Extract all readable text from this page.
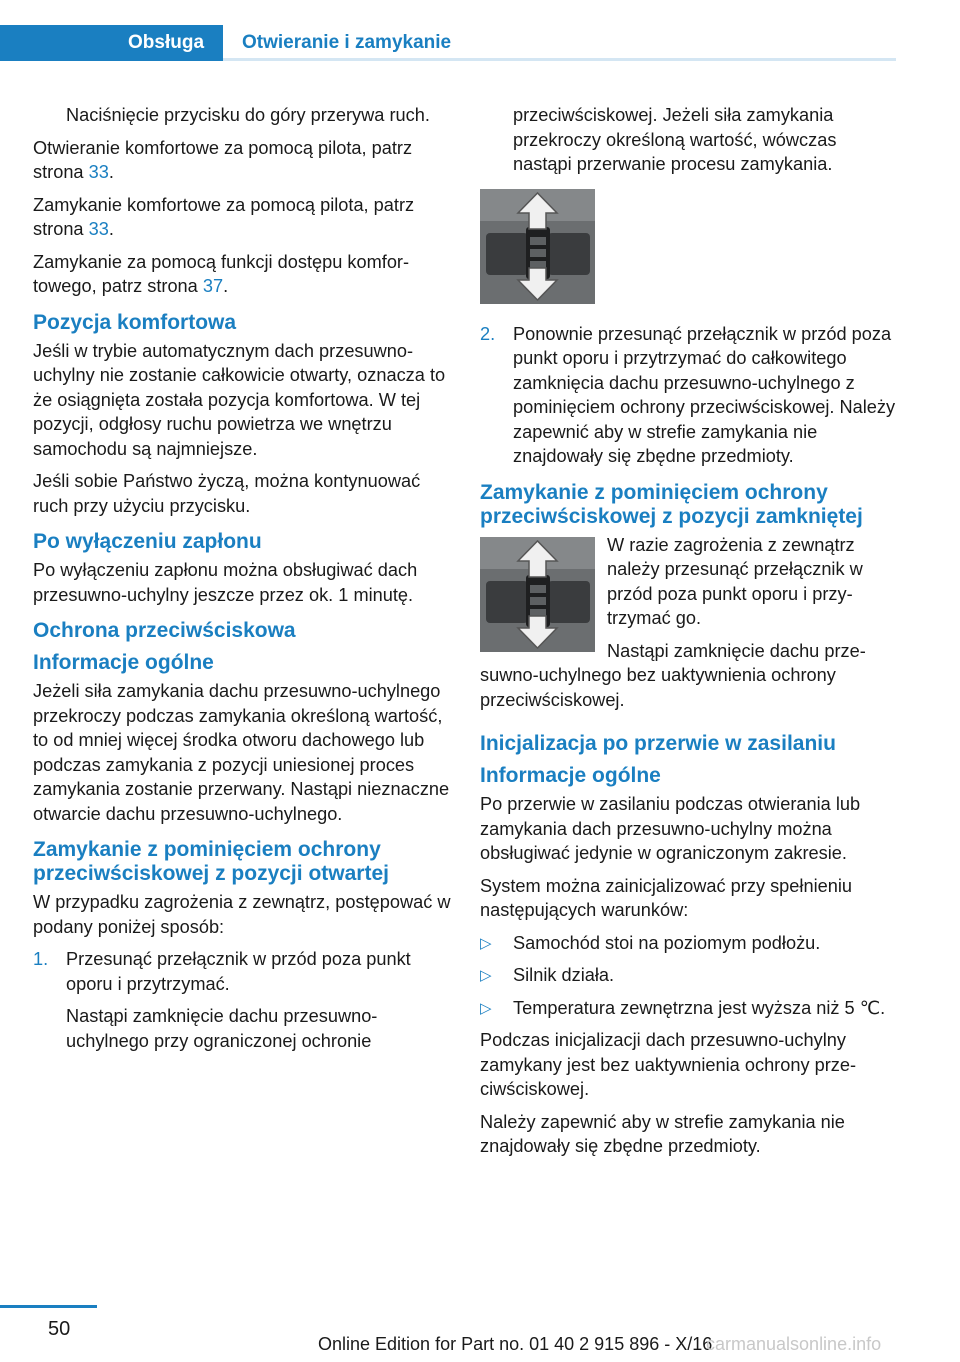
Obsługa	Otwieranie i zamykanie

Naciśnięcie przycisku do góry przerywa ruch.

Otwieranie komfortowe za pomocą pilota, patrz strona 33.

Zamykanie komfortowe za pomocą pilota, patrz strona 33.

Zamykanie za pomocą funkcji dostępu komfortowego, patrz strona 37.

Pozycja komfortowa

Jeśli w trybie automatycznym dach przesuwno-uchylny nie zostanie całkowicie otwarty, oznacza to że osiągnięta została pozycja komfortowa. W tej pozycji, odgłosy ruchu powietrza we wnętrzu samochodu są najmniejsze.

Jeśli sobie Państwo życzą, można kontynuować ruch przy użyciu przycisku.

Po wyłączeniu zapłonu

Po wyłączeniu zapłonu można obsługiwać dach przesuwno-uchylny jeszcze przez ok. 1 minutę.

Ochrona przeciwściskowa
Informacje ogólne

Jeżeli siła zamykania dachu przesuwno-uchylnego przekroczy podczas zamykania określoną wartość, to od mniej więcej środka otworu dachowego lub podczas zamykania z pozycji uniesionej proces zamykania zostanie przerwany. Nastąpi nieznaczne otwarcie dachu przesuwno-uchylnego.

Zamykanie z pominięciem ochrony przeciwściskowej z pozycji otwartej

W przypadku zagrożenia z zewnątrz, postępować w podany poniżej sposób:

1. Przesunąć przełącznik w przód poza punkt oporu i przytrzymać.

Nastąpi zamknięcie dachu przesuwno-uchylnego przy ograniczonej ochronie

przeciwściskowej. Jeżeli siła zamykania przekroczy określoną wartość, wówczas nastąpi przerwanie procesu zamykania.

2. Ponownie przesunąć przełącznik w przód poza punkt oporu i przytrzymać do całkowitego zamknięcia dachu przesuwno-uchylnego z pominięciem ochrony przeciwściskowej. Należy zapewnić aby w strefie zamykania nie znajdowały się zbędne przedmioty.

Zamykanie z pominięciem ochrony przeciwściskowej z pozycji zamkniętej

W razie zagrożenia z zewnątrz należy przesunąć przełącznik w przód poza punkt oporu i przytrzymać go.

Nastąpi zamknięcie dachu przesuwno-uchylnego bez uaktywnienia ochrony przeciwściskowej.

Inicjalizacja po przerwie w zasilaniu
Informacje ogólne

Po przerwie w zasilaniu podczas otwierania lub zamykania dach przesuwno-uchylny można obsługiwać jedynie w ograniczonym zakresie.

System można zainicjalizować przy spełnieniu następujących warunków:

▷ Samochód stoi na poziomym podłożu.
▷ Silnik działa.
▷ Temperatura zewnętrzna jest wyższa niż 5 ℃.

Podczas inicjalizacji dach przesuwno-uchylny zamykany jest bez uaktywnienia ochrony przeciwściskowej.

Należy zapewnić aby w strefie zamykania nie znajdowały się zbędne przedmioty.

50
Online Edition for Part no. 01 40 2 915 896 - X/16
carmanualsonline.info
